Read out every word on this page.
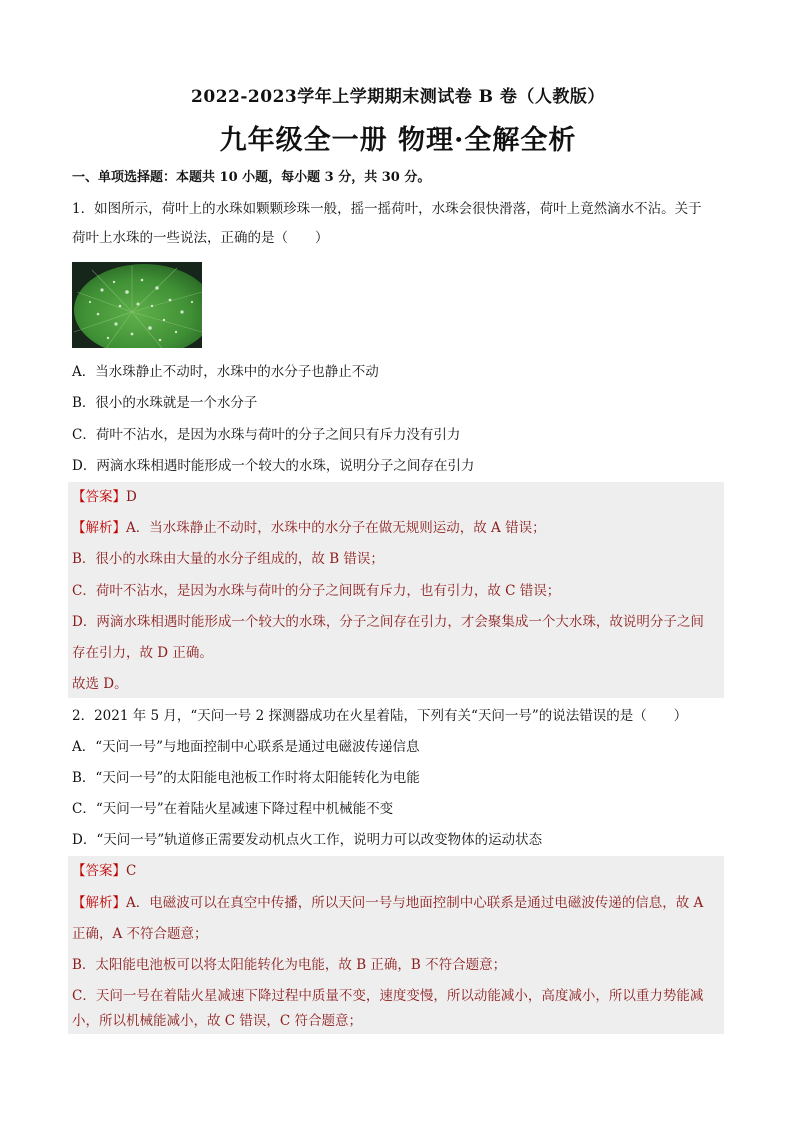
2022-2023学年上学期期末测试卷 B 卷（人教版）
九年级全一册 物理·全解全析
一、单项选择题：本题共 10 小题，每小题 3 分，共 30 分。
1．如图所示，荷叶上的水珠如颗颗珍珠一般，摇一摇荷叶，水珠会很快滑落，荷叶上竟然滴水不沾。关于
荷叶上水珠的一些说法，正确的是（　　）
A．当水珠静止不动时，水珠中的水分子也静止不动
B．很小的水珠就是一个水分子
C．荷叶不沾水，是因为水珠与荷叶的分子之间只有斥力没有引力
D．两滴水珠相遇时能形成一个较大的水珠，说明分子之间存在引力
【答案】D
【解析】A．当水珠静止不动时，水珠中的水分子在做无规则运动，故 A 错误；
B．很小的水珠由大量的水分子组成的，故 B 错误；
C．荷叶不沾水，是因为水珠与荷叶的分子之间既有斥力，也有引力，故 C 错误；
D．两滴水珠相遇时能形成一个较大的水珠，分子之间存在引力，才会聚集成一个大水珠，故说明分子之间
存在引力，故 D 正确。
故选 D。
2．2021 年 5 月，“天问一号 2 探测器成功在火星着陆，下列有关“天问一号”的说法错误的是（　　）
A．“天问一号”与地面控制中心联系是通过电磁波传递信息
B．“天问一号”的太阳能电池板工作时将太阳能转化为电能
C．“天问一号”在着陆火星减速下降过程中机械能不变
D．“天问一号”轨道修正需要发动机点火工作，说明力可以改变物体的运动状态
【答案】C
【解析】A．电磁波可以在真空中传播，所以天问一号与地面控制中心联系是通过电磁波传递的信息，故 A
正确，A 不符合题意；
B．太阳能电池板可以将太阳能转化为电能，故 B 正确，B 不符合题意；
C．天问一号在着陆火星减速下降过程中质量不变，速度变慢，所以动能减小，高度减小，所以重力势能减
小，所以机械能减小，故 C 错误，C 符合题意；
